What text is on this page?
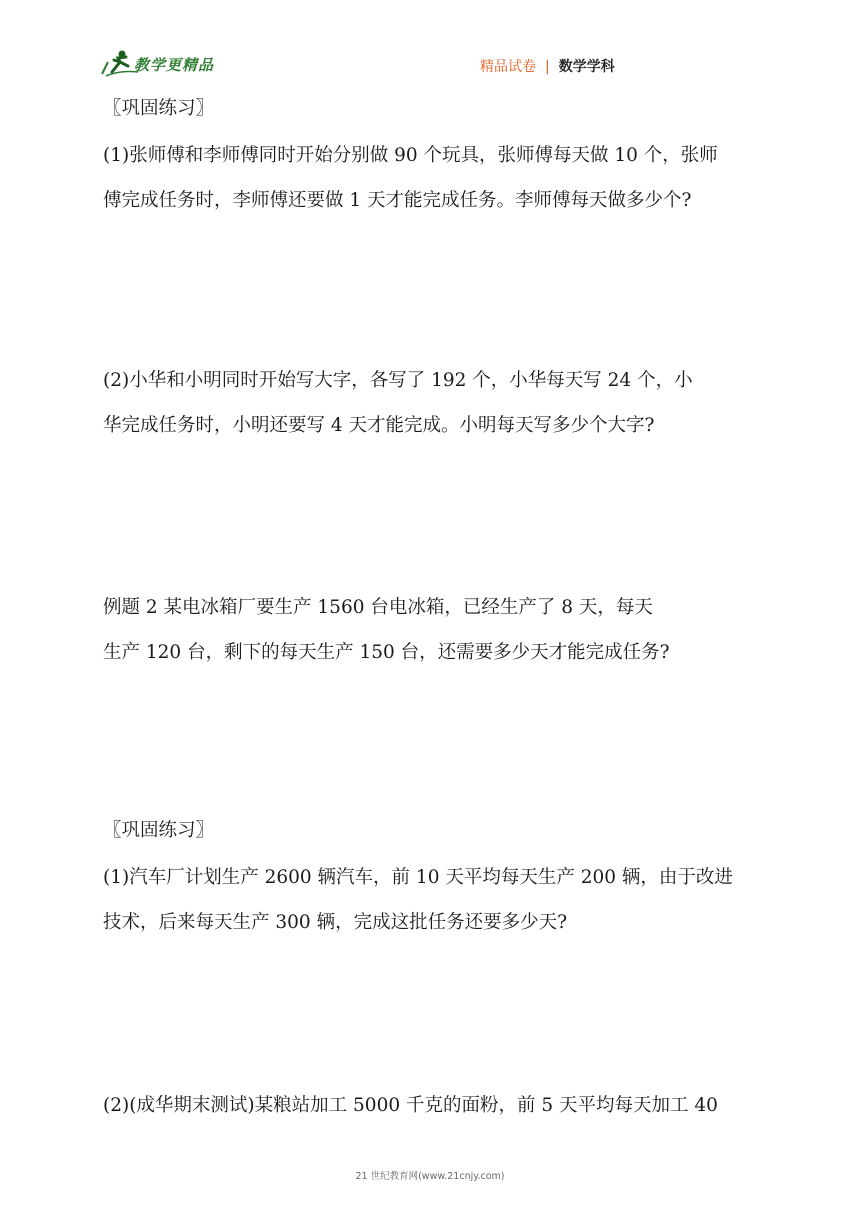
教学更精品	精品试卷 | 数学学科
〖巩固练习〗
(1)张师傅和李师傅同时开始分别做 90 个玩具，张师傅每天做 10 个，张师
傅完成任务时，李师傅还要做 1 天才能完成任务。李师傅每天做多少个?
(2)小华和小明同时开始写大字，各写了 192 个，小华每天写 24 个，小
华完成任务时，小明还要写 4 天才能完成。小明每天写多少个大字?
例题 2 某电冰箱厂要生产 1560 台电冰箱，已经生产了 8 天，每天
生产 120 台，剩下的每天生产 150 台，还需要多少天才能完成任务?
〖巩固练习〗
(1)汽车厂计划生产 2600 辆汽车，前 10 天平均每天生产 200 辆，由于改进
技术，后来每天生产 300 辆，完成这批任务还要多少天?
(2)(成华期末测试)某粮站加工 5000 千克的面粉，前 5 天平均每天加工 40
21 世纪教育网(www.21cnjy.com)
